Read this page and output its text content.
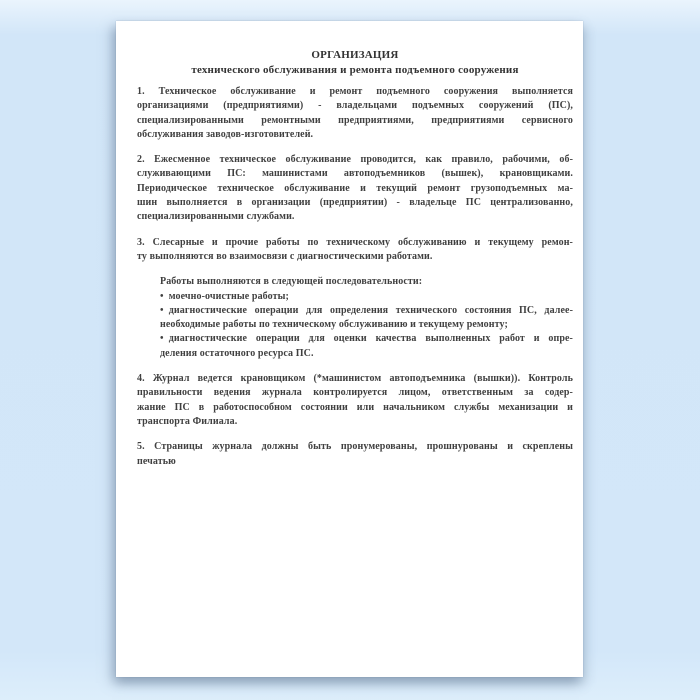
ОРГАНИЗАЦИЯ
технического обслуживания и ремонта подъемного сооружения
1. Техническое обслуживание и ремонт подъемного сооружения выполняется
организациями (предприятиями) - владельцами подъемных сооружений (ПС),
специализированными ремонтными предприятиями, предприятиями сервисного
обслуживания заводов-изготовителей.
2. Ежесменное техническое обслуживание проводится, как правило, рабочими, об-
служивающими ПС: машинистами автоподъемников (вышек), крановщиками.
Периодическое техническое обслуживание и текущий ремонт грузоподъемных ма-
шин выполняется в организации (предприятии) - владельце ПС централизованно,
специализированными службами.
3. Слесарные и прочие работы по техническому обслуживанию и текущему ремон-
ту выполняются во взаимосвязи с диагностическими работами.
Работы выполняются в следующей последовательности:
• моечно-очистные работы;
• диагностические операции для определения технического состояния ПС, далее-
необходимые работы по техническому обслуживанию и текущему ремонту;
• диагностические операции для оценки качества выполненных работ и опре-
деления остаточного ресурса ПС.
4. Журнал ведется крановщиком (*машинистом автоподъемника (вышки)). Контроль
правильности ведения журнала контролируется лицом, ответственным за содер-
жание ПС в работоспособном состоянии или начальником службы механизации и
транспорта Филиала.
5. Страницы журнала должны быть пронумерованы, прошнурованы и скреплены
печатью
